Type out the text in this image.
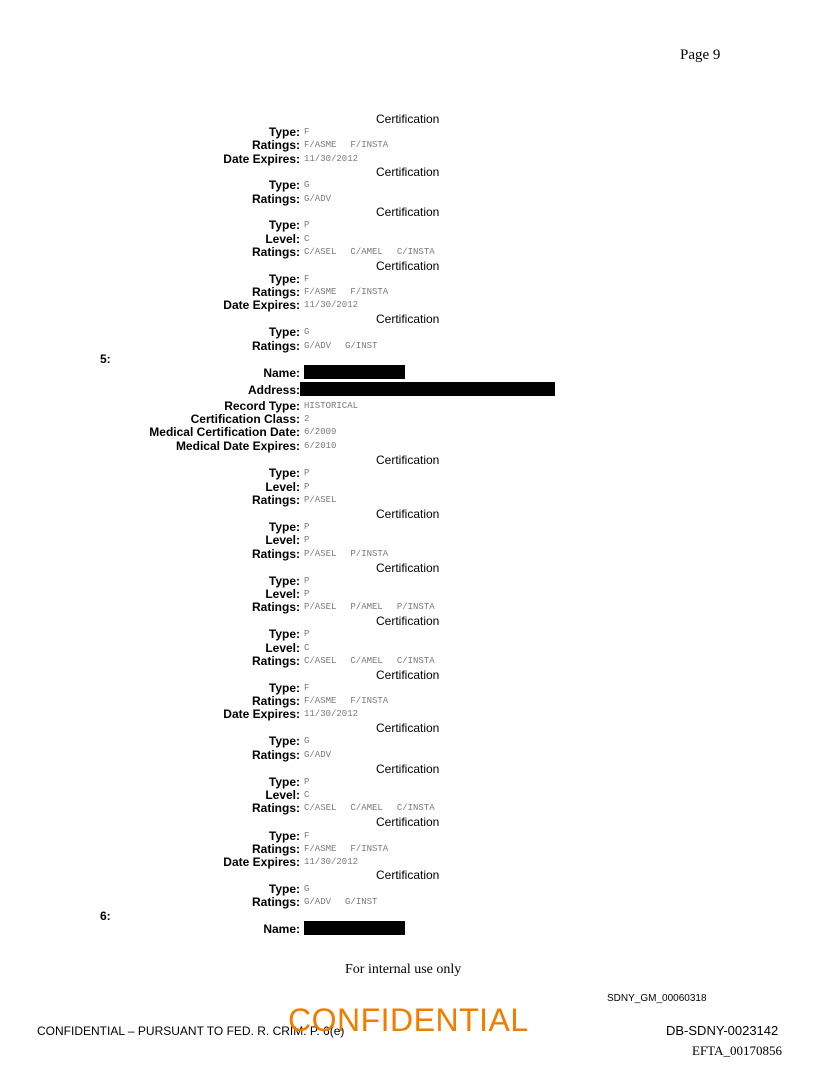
Page 9
Certification
Type: F
Ratings: F/ASME F/INSTA
Date Expires: 11/30/2012
Certification
Type: G
Ratings: G/ADV
Certification
Type: P
Level: C
Ratings: C/ASEL C/AMEL C/INSTA
Certification
Type: F
Ratings: F/ASME F/INSTA
Date Expires: 11/30/2012
Certification
Type: G
Ratings: G/ADV G/INST
5:
Name:
Address:
Record Type: HISTORICAL
Certification Class: 2
Medical Certification Date: 6/2009
Medical Date Expires: 6/2010
Certification
Type: P
Level: P
Ratings: P/ASEL
Certification
Type: P
Level: P
Ratings: P/ASEL P/INSTA
Certification
Type: P
Level: P
Ratings: P/ASEL P/AMEL P/INSTA
Certification
Type: P
Level: C
Ratings: C/ASEL C/AMEL C/INSTA
Certification
Type: F
Ratings: F/ASME F/INSTA
Date Expires: 11/30/2012
Certification
Type: G
Ratings: G/ADV
Certification
Type: P
Level: C
Ratings: C/ASEL C/AMEL C/INSTA
Certification
Type: F
Ratings: F/ASME F/INSTA
Date Expires: 11/30/2012
Certification
Type: G
Ratings: G/ADV G/INST
6:
Name:
For internal use only
SDNY_GM_00060318
CONFIDENTIAL – PURSUANT TO FED. R. CRIM. P. 6(e)
CONFIDENTIAL	DB-SDNY-0023142
EFTA_00170856
